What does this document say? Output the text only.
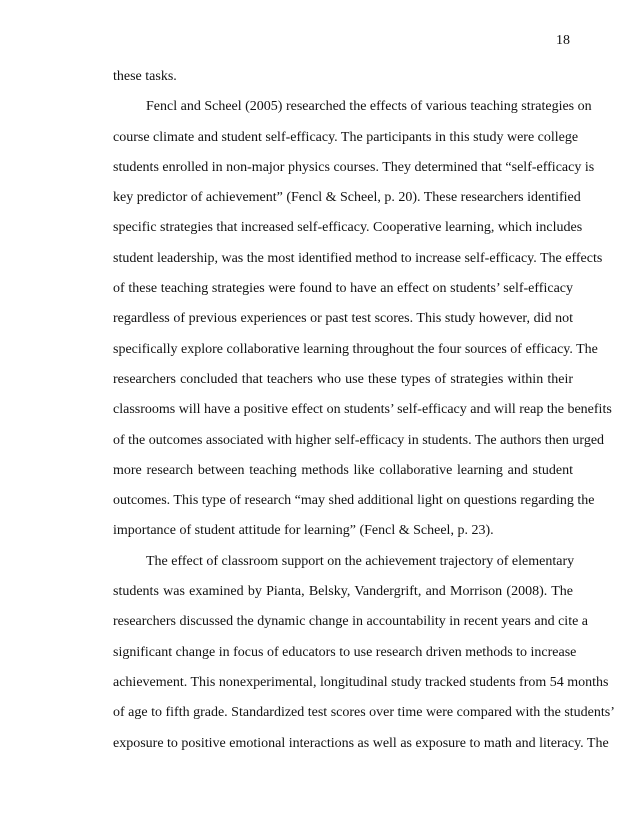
18
these tasks.
Fencl and Scheel (2005) researched the effects of various teaching strategies on
course climate and student self-efficacy. The participants in this study were college
students enrolled in non-major physics courses. They determined that “self-efficacy is
key predictor of achievement” (Fencl & Scheel, p. 20). These researchers identified
specific strategies that increased self-efficacy. Cooperative learning, which includes
student leadership, was the most identified method to increase self-efficacy. The effects
of these teaching strategies were found to have an effect on students’ self-efficacy
regardless of previous experiences or past test scores. This study however, did not
specifically explore collaborative learning throughout the four sources of efficacy. The
researchers concluded that teachers who use these types of strategies within their
classrooms will have a positive effect on students’ self-efficacy and will reap the benefits
of the outcomes associated with higher self-efficacy in students. The authors then urged
more research between teaching methods like collaborative learning and student
outcomes. This type of research “may shed additional light on questions regarding the
importance of student attitude for learning” (Fencl & Scheel, p. 23).
The effect of classroom support on the achievement trajectory of elementary
students was examined by Pianta, Belsky, Vandergrift, and Morrison (2008). The
researchers discussed the dynamic change in accountability in recent years and cite a
significant change in focus of educators to use research driven methods to increase
achievement. This nonexperimental, longitudinal study tracked students from 54 months
of age to fifth grade. Standardized test scores over time were compared with the students’
exposure to positive emotional interactions as well as exposure to math and literacy. The
